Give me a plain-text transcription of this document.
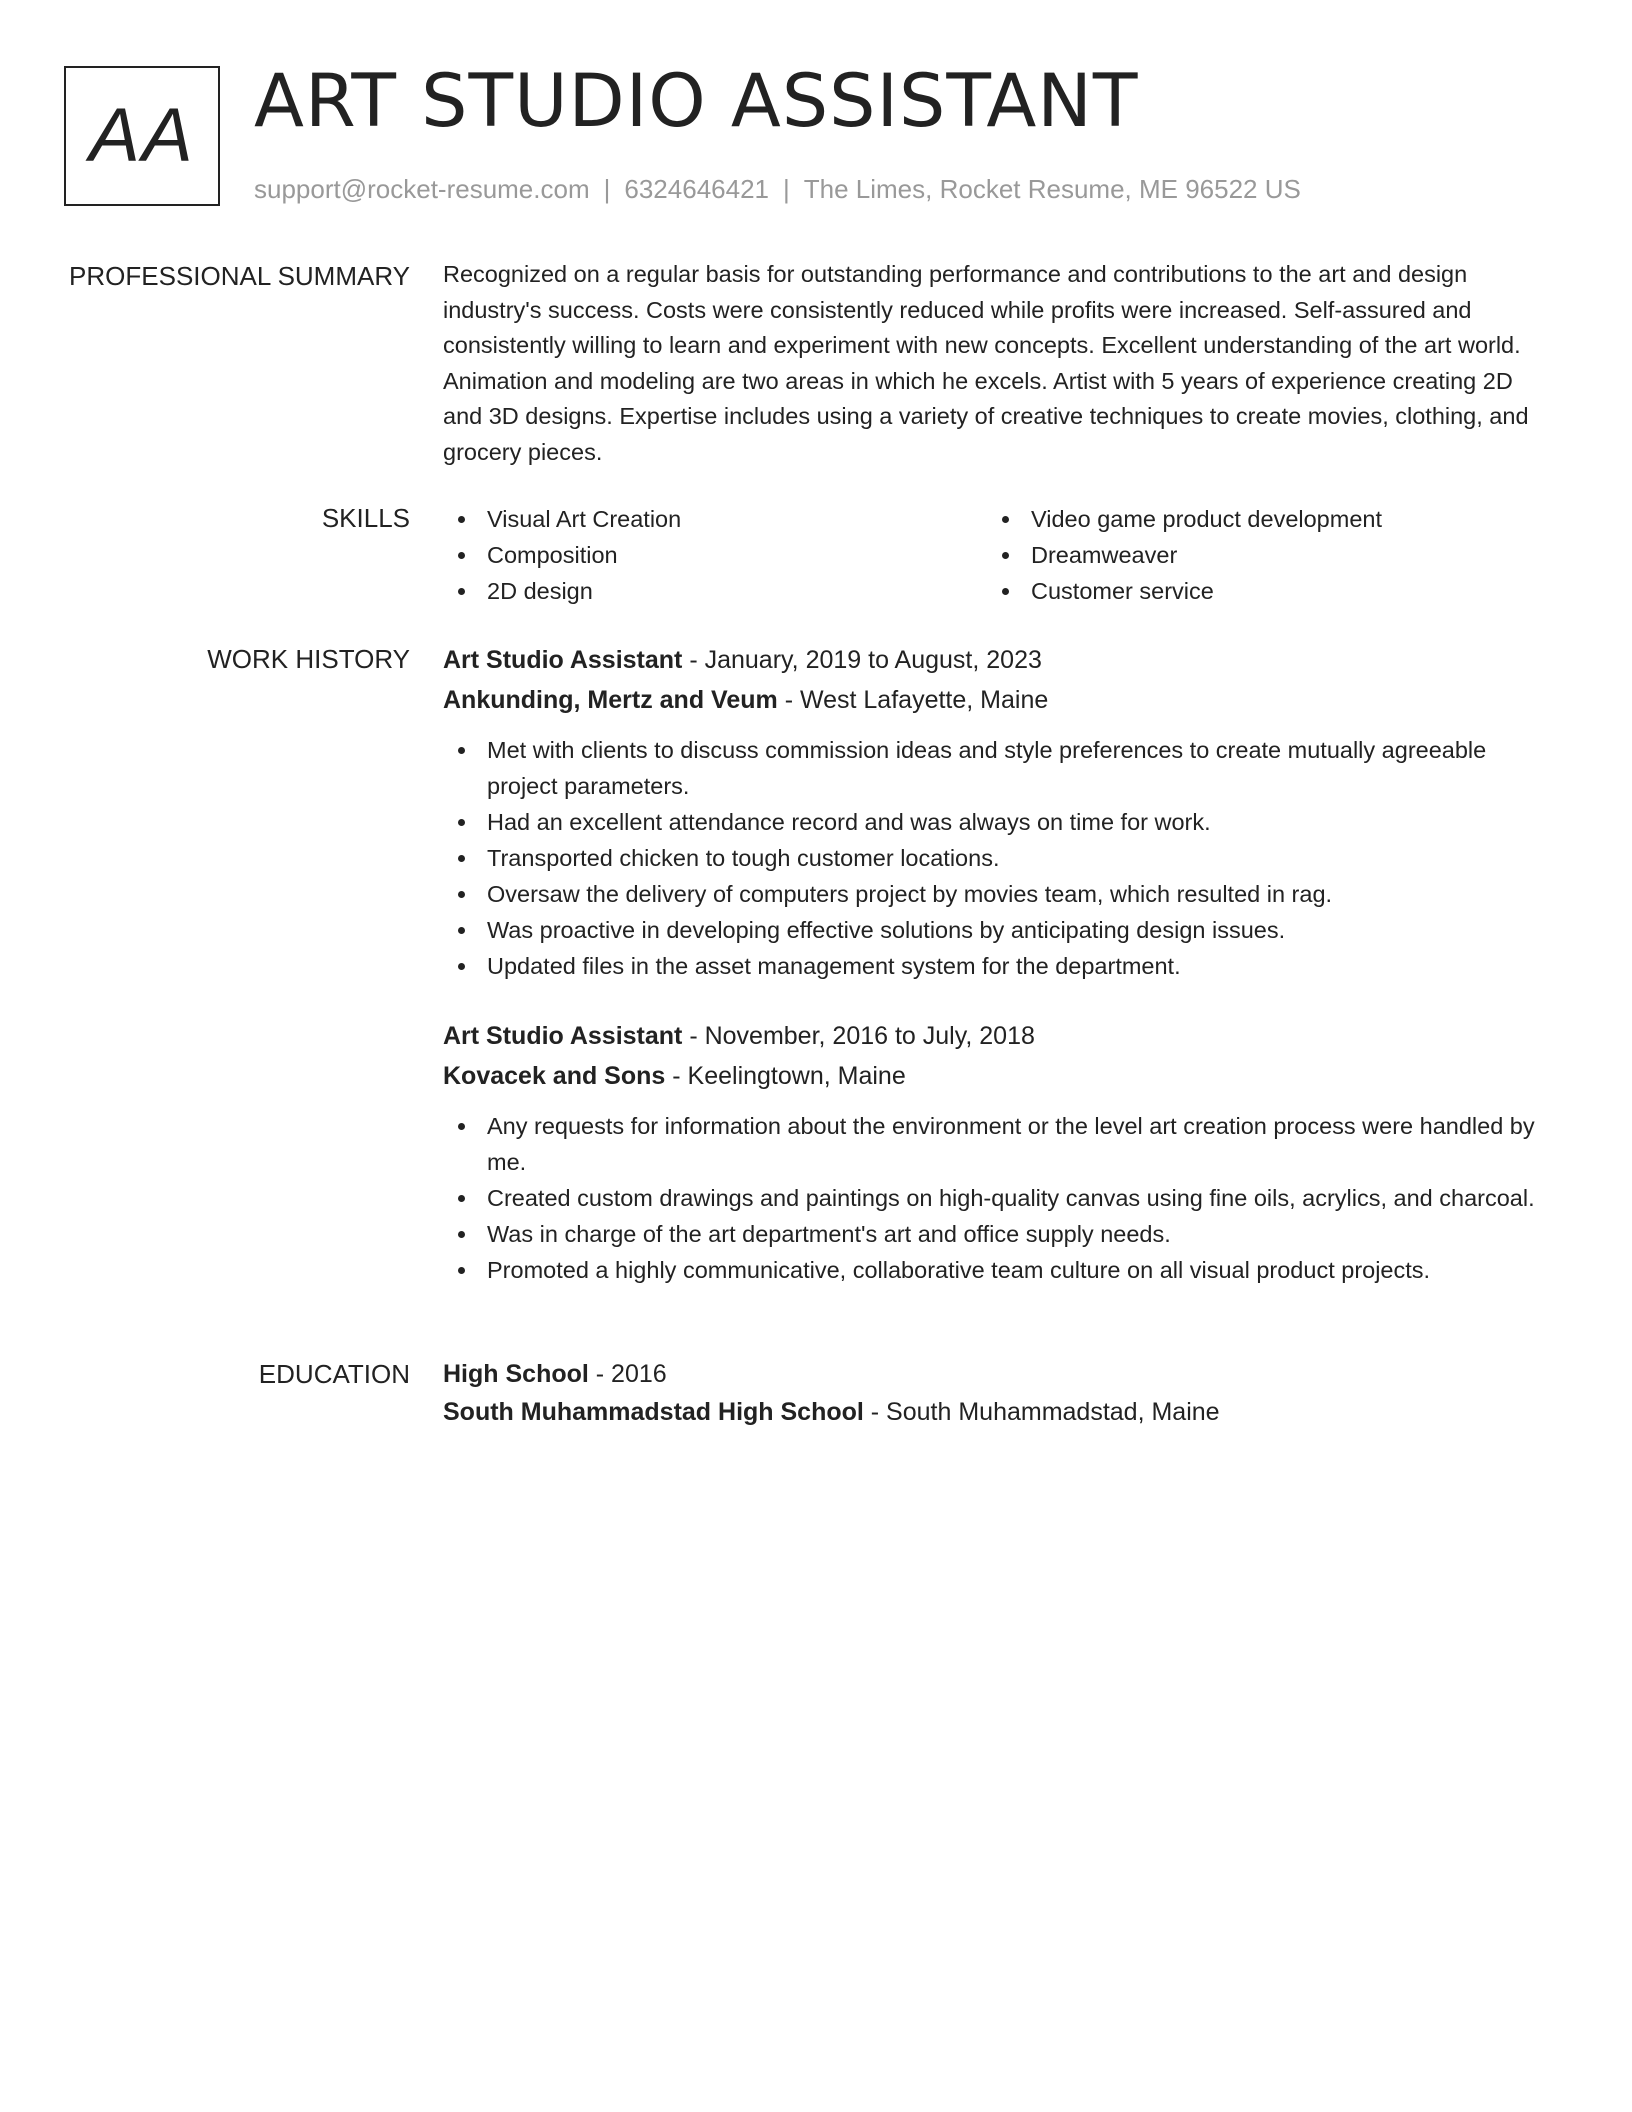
AA ART STUDIO ASSISTANT
support@rocket-resume.com | 6324646421 | The Limes, Rocket Resume, ME 96522 US
PROFESSIONAL SUMMARY Recognized on a regular basis for outstanding performance and contributions to the art and design industry's success. Costs were consistently reduced while profits were increased. Self-assured and consistently willing to learn and experiment with new concepts. Excellent understanding of the art world. Animation and modeling are two areas in which he excels. Artist with 5 years of experience creating 2D and 3D designs. Expertise includes using a variety of creative techniques to create movies, clothing, and grocery pieces.

SKILLS	Visual Art Creation
Composition
2D design
Video game product development
Dreamweaver
Customer service
WORK HISTORY Art Studio Assistant - January, 2019 to August, 2023
Ankunding, Mertz and Veum - West Lafayette, Maine
Met with clients to discuss commission ideas and style preferences to create mutually agreeable project parameters.
Had an excellent attendance record and was always on time for work.
Transported chicken to tough customer locations.
Oversaw the delivery of computers project by movies team, which resulted in rag.
Was proactive in developing effective solutions by anticipating design issues.
Updated files in the asset management system for the department.
Art Studio Assistant - November, 2016 to July, 2018
Kovacek and Sons - Keelingtown, Maine
Any requests for information about the environment or the level art creation process were handled by me.
Created custom drawings and paintings on high-quality canvas using fine oils, acrylics, and charcoal.
Was in charge of the art department's art and office supply needs.
Promoted a highly communicative, collaborative team culture on all visual product projects.
EDUCATION High School - 2016
South Muhammadstad High School - South Muhammadstad, Maine
